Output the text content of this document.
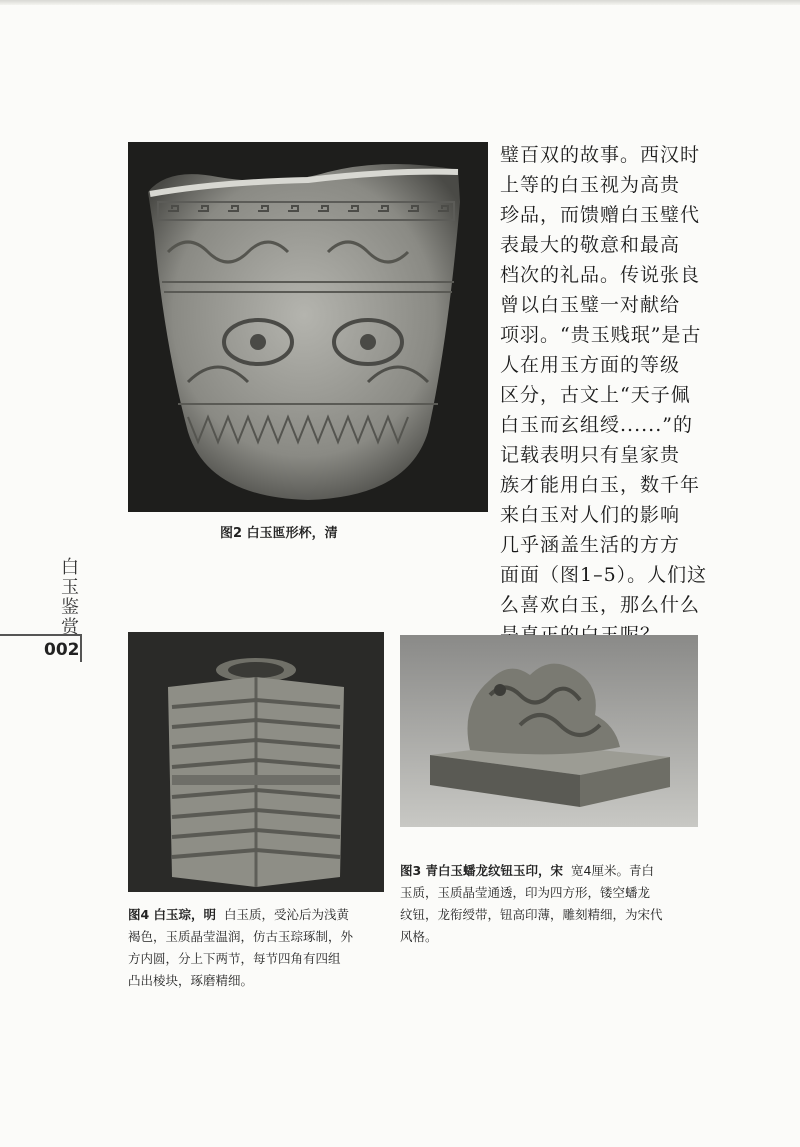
璧百双的故事。西汉时
上等的白玉视为高贵
珍品，而馈赠白玉璧代
表最大的敬意和最高
档次的礼品。传说张良
曾以白玉璧一对献给
项羽。“贵玉贱珉”是古
人在用玉方面的等级
区分，古文上“天子佩
白玉而玄组绶......”的
记载表明只有皇家贵
族才能用白玉，数千年
来白玉对人们的影响
几乎涵盖生活的方方
面面（图1–5）。人们这
么喜欢白玉，那么什么

图2 白玉匜形杯，清

白
玉
鉴
赏
002

图4 白玉琮，明 白玉质，受沁后为浅黄
褐色，玉质晶莹温润，仿古玉琮琢制，外
方内圆，分上下两节，每节四角有四组
凸出棱块，琢磨精细。

图3 青白玉蟠龙纹钮玉印，宋 宽4厘米。青白
玉质，玉质晶莹通透，印为四方形，镂空蟠龙
纹钮，龙衔绶带，钮高印薄，雕刻精细，为宋代
风格。
